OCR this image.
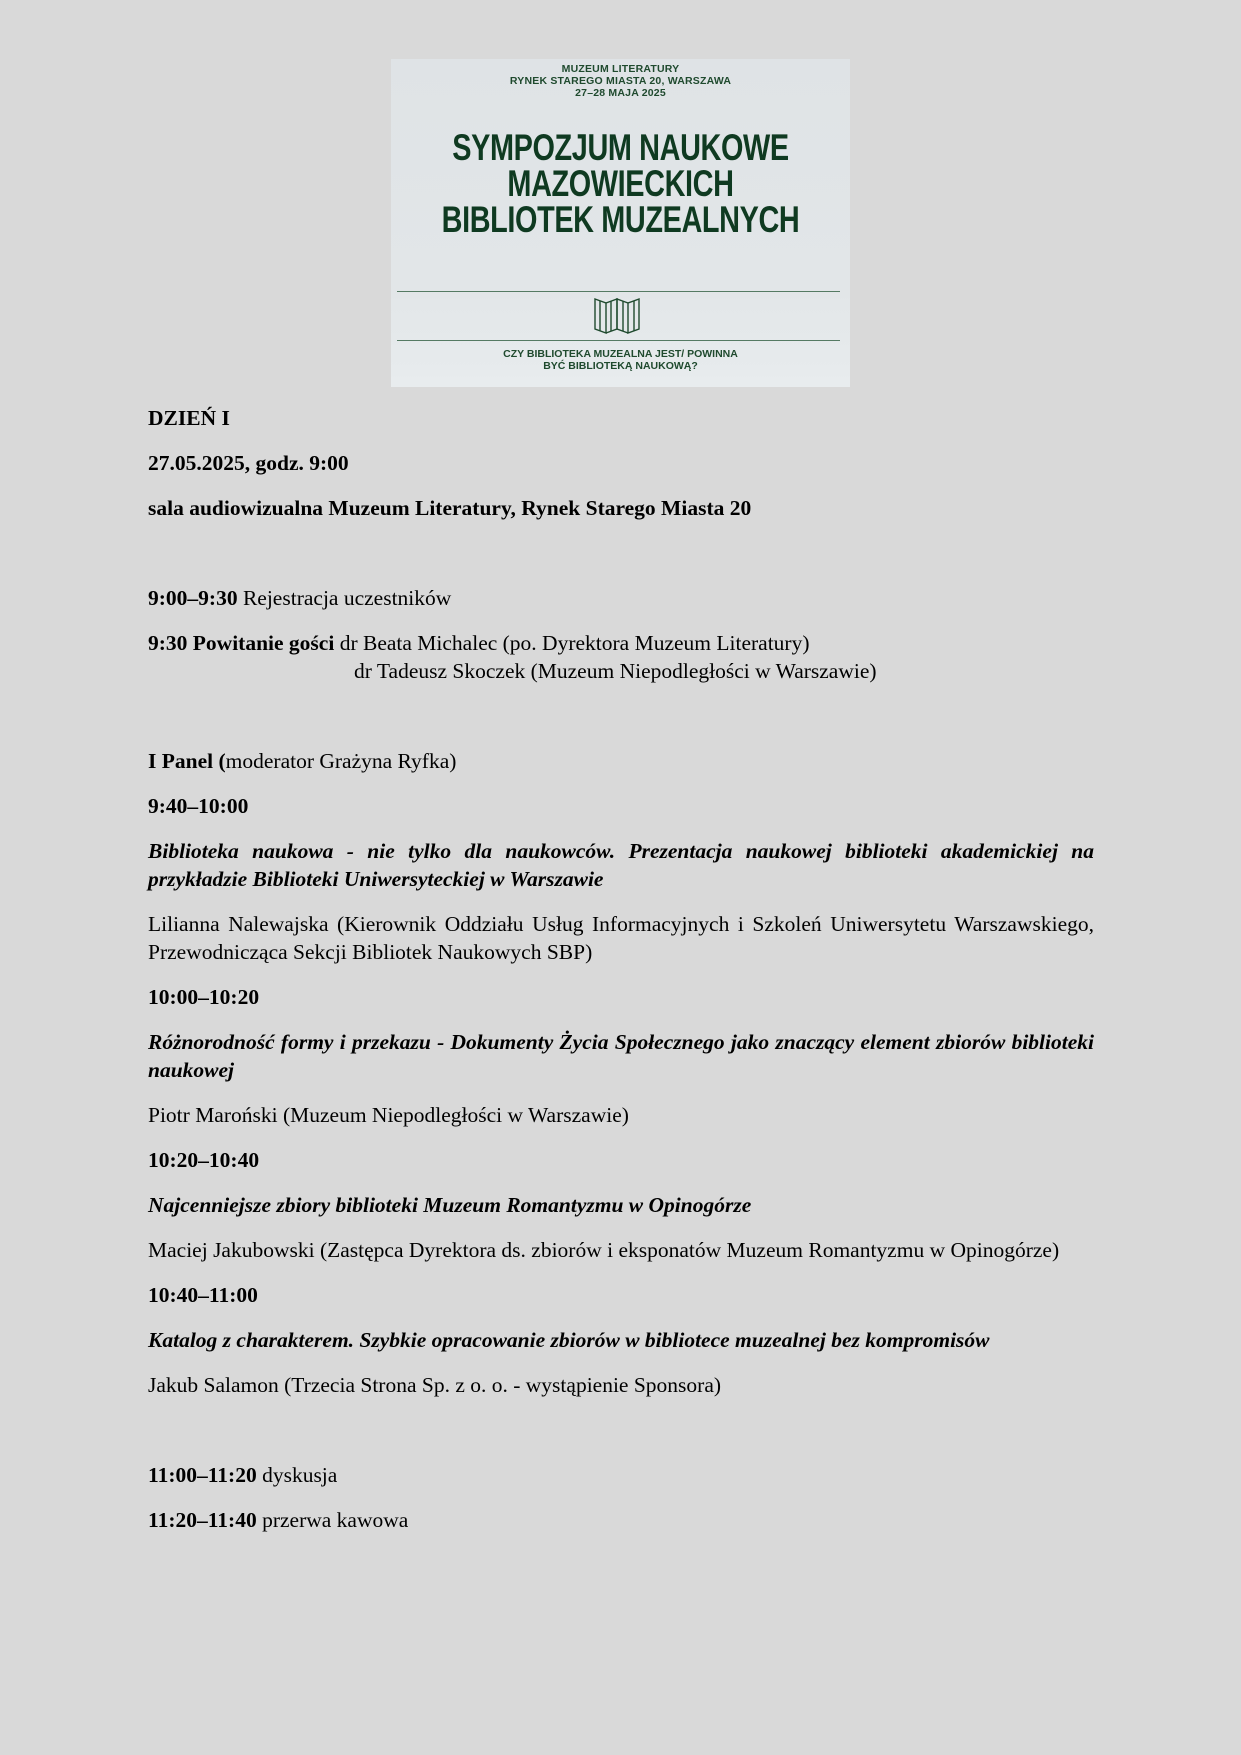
MUZEUM LITERATURY
RYNEK STAREGO MIASTA 20, WARSZAWA
27–28 MAJA 2025
SYMPOZJUM NAUKOWE
MAZOWIECKICH
BIBLIOTEK MUZEALNYCH
CZY BIBLIOTEKA MUZEALNA JEST/ POWINNA
BYĆ BIBLIOTEKĄ NAUKOWĄ?

DZIEŃ I

27.05.2025, godz. 9:00

sala audiowizualna Muzeum Literatury, Rynek Starego Miasta 20

9:00–9:30 Rejestracja uczestników

9:30 Powitanie gości dr Beata Michalec (po. Dyrektora Muzeum Literatury)

dr Tadeusz Skoczek (Muzeum Niepodległości w Warszawie)

I Panel (moderator Grażyna Ryfka)

9:40–10:00

Biblioteka naukowa - nie tylko dla naukowców. Prezentacja naukowej biblioteki akademickiej na przykładzie Biblioteki Uniwersyteckiej w Warszawie

Lilianna Nalewajska (Kierownik Oddziału Usług Informacyjnych i Szkoleń Uniwersytetu Warszawskiego, Przewodnicząca Sekcji Bibliotek Naukowych SBP)

10:00–10:20

Różnorodność formy i przekazu - Dokumenty Życia Społecznego jako znaczący element zbiorów biblioteki naukowej

Piotr Maroński (Muzeum Niepodległości w Warszawie)

10:20–10:40

Najcenniejsze zbiory biblioteki Muzeum Romantyzmu w Opinogórze

Maciej Jakubowski (Zastępca Dyrektora ds. zbiorów i eksponatów Muzeum Romantyzmu w Opinogórze)

10:40–11:00

Katalog z charakterem. Szybkie opracowanie zbiorów w bibliotece muzealnej bez kompromisów

Jakub Salamon (Trzecia Strona Sp. z o. o. - wystąpienie Sponsora)

11:00–11:20 dyskusja

11:20–11:40 przerwa kawowa
